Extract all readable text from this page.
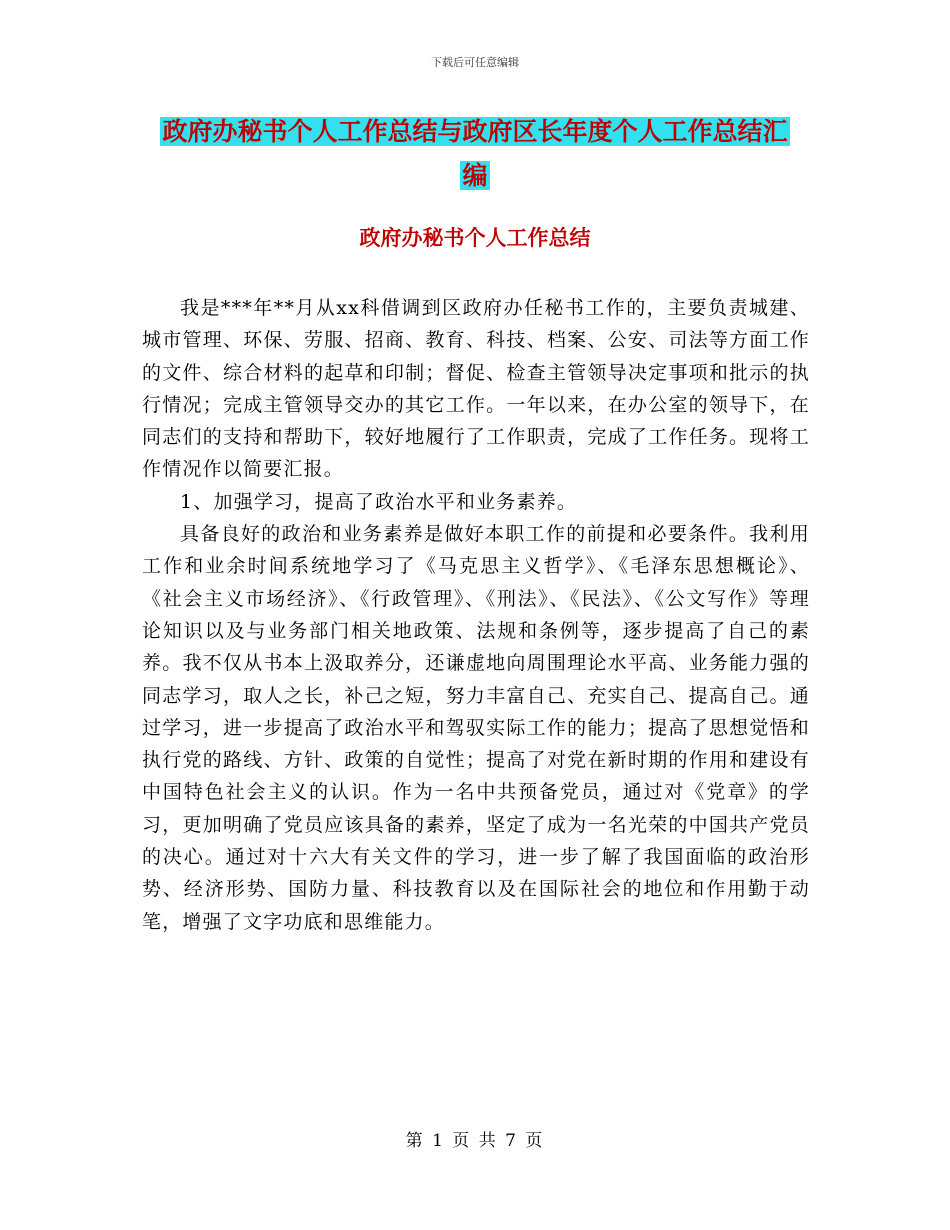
下载后可任意编辑
政府办秘书个人工作总结与政府区长年度个人工作总结汇编
政府办秘书个人工作总结

我是***年**月从xx科借调到区政府办任秘书工作的，主要负责城建、城市管理、环保、劳服、招商、教育、科技、档案、公安、司法等方面工作的文件、综合材料的起草和印制；督促、检查主管领导决定事项和批示的执行情况；完成主管领导交办的其它工作。一年以来，在办公室的领导下，在同志们的支持和帮助下，较好地履行了工作职责，完成了工作任务。现将工作情况作以简要汇报。

1、加强学习，提高了政治水平和业务素养。

具备良好的政治和业务素养是做好本职工作的前提和必要条件。我利用工作和业余时间系统地学习了《马克思主义哲学》、《毛泽东思想概论》、《社会主义市场经济》、《行政管理》、《刑法》、《民法》、《公文写作》等理论知识以及与业务部门相关地政策、法规和条例等，逐步提高了自己的素养。我不仅从书本上汲取养分，还谦虚地向周围理论水平高、业务能力强的同志学习，取人之长，补己之短，努力丰富自己、充实自己、提高自己。通过学习，进一步提高了政治水平和驾驭实际工作的能力；提高了思想觉悟和执行党的路线、方针、政策的自觉性；提高了对党在新时期的作用和建设有中国特色社会主义的认识。作为一名中共预备党员，通过对《党章》的学习，更加明确了党员应该具备的素养，坚定了成为一名光荣的中国共产党员的决心。通过对十六大有关文件的学习，进一步了解了我国面临的政治形势、经济形势、国防力量、科技教育以及在国际社会的地位和作用勤于动笔，增强了文字功底和思维能力。

第 1 页 共 7 页
